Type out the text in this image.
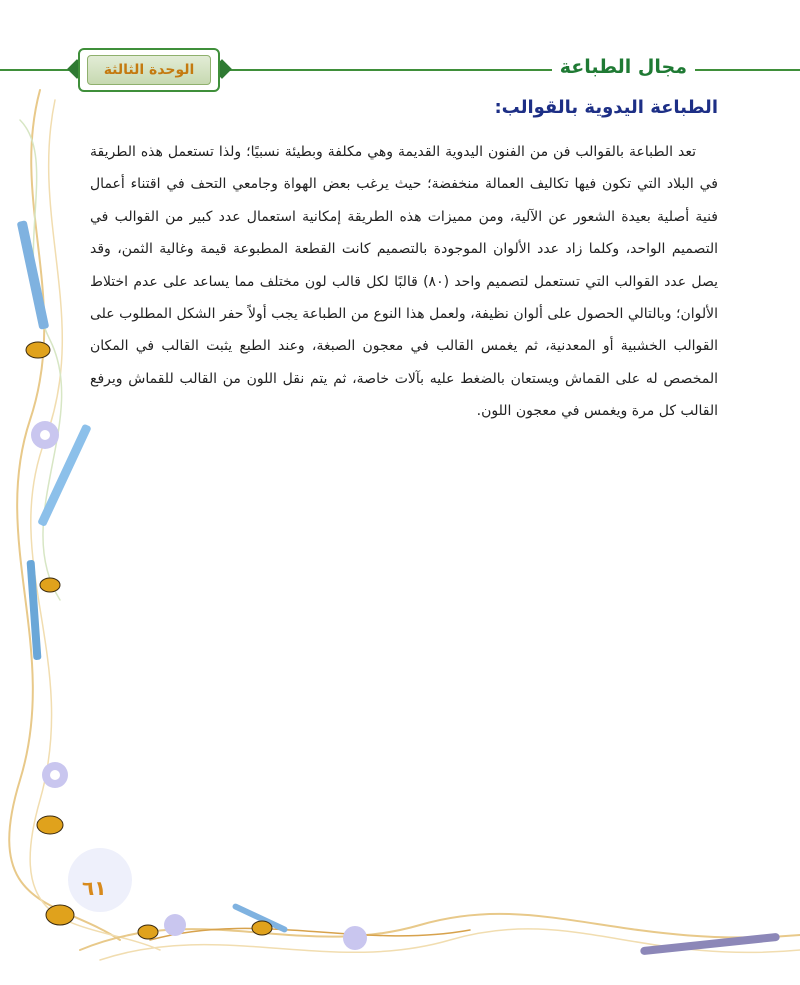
الوحدة الثالثة	مجال الطباعة
الطباعة اليدوية بالقوالب:

تعد الطباعة بالقوالب فن من الفنون اليدوية القديمة وهي مكلفة وبطيئة نسبيًا؛ ولذا تستعمل هذه الطريقة في البلاد التي تكون فيها تكاليف العمالة منخفضة؛ حيث يرغب بعض الهواة وجامعي التحف في اقتناء أعمال فنية أصلية بعيدة الشعور عن الآلية، ومن مميزات هذه الطريقة إمكانية استعمال عدد كبير من القوالب في التصميم الواحد، وكلما زاد عدد الألوان الموجودة بالتصميم كانت القطعة المطبوعة قيمة وغالية الثمن، وقد يصل عدد القوالب التي تستعمل لتصميم واحد (٨٠) قالبًا لكل قالب لون مختلف مما يساعد على عدم اختلاط الألوان؛ وبالتالي الحصول على ألوان نظيفة، ولعمل هذا النوع من الطباعة يجب أولاً حفر الشكل المطلوب على القوالب الخشبية أو المعدنية، ثم يغمس القالب في معجون الصبغة، وعند الطبع يثبت القالب في المكان المخصص له على القماش ويستعان بالضغط عليه بآلات خاصة، ثم يتم نقل اللون من القالب للقماش ويرفع القالب كل مرة ويغمس في معجون اللون.

٦١
